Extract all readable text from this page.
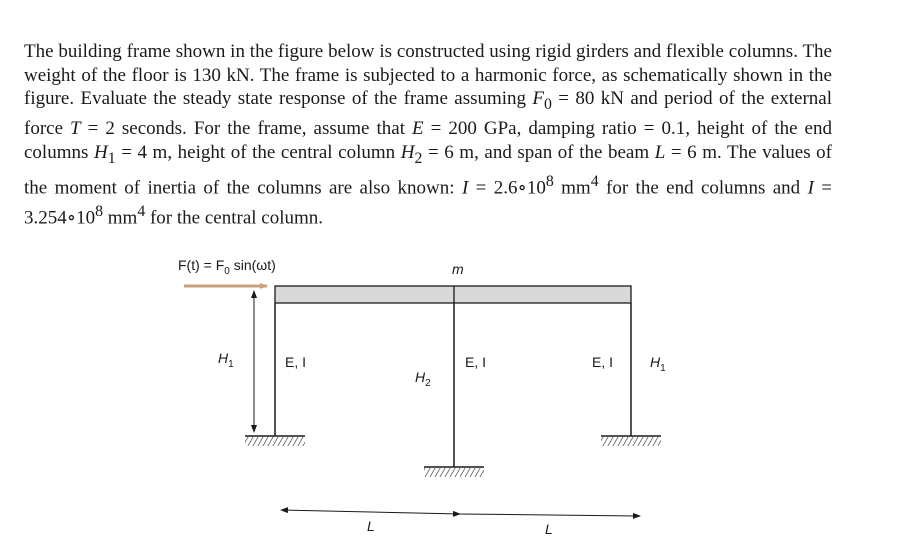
The building frame shown in the figure below is constructed using rigid girders and flexible columns. The weight of the floor is 130 kN. The frame is subjected to a harmonic force, as schematically shown in the figure. Evaluate the steady state response of the frame assuming $F_0 = 80$ kN and period of the external force T = 2 seconds. For the frame, assume that E = 200 GPa, damping ratio = 0.1, height of the end columns $H_1 = 4$ m, height of the central column $H_2 = 6$ m, and span of the beam L = 6 m. The values of the moment of inertia of the columns are also known: $I = 2.6\circ 10^8$ $mm^4$ for the end columns and $I = 3.254\circ 10^8$ $mm^4$ for the central column.

$F(t) = F_0$ sin(ωt)	m
$H_1$	E, I
$H_2$
E, I	E, I	$H_1$
L	L
